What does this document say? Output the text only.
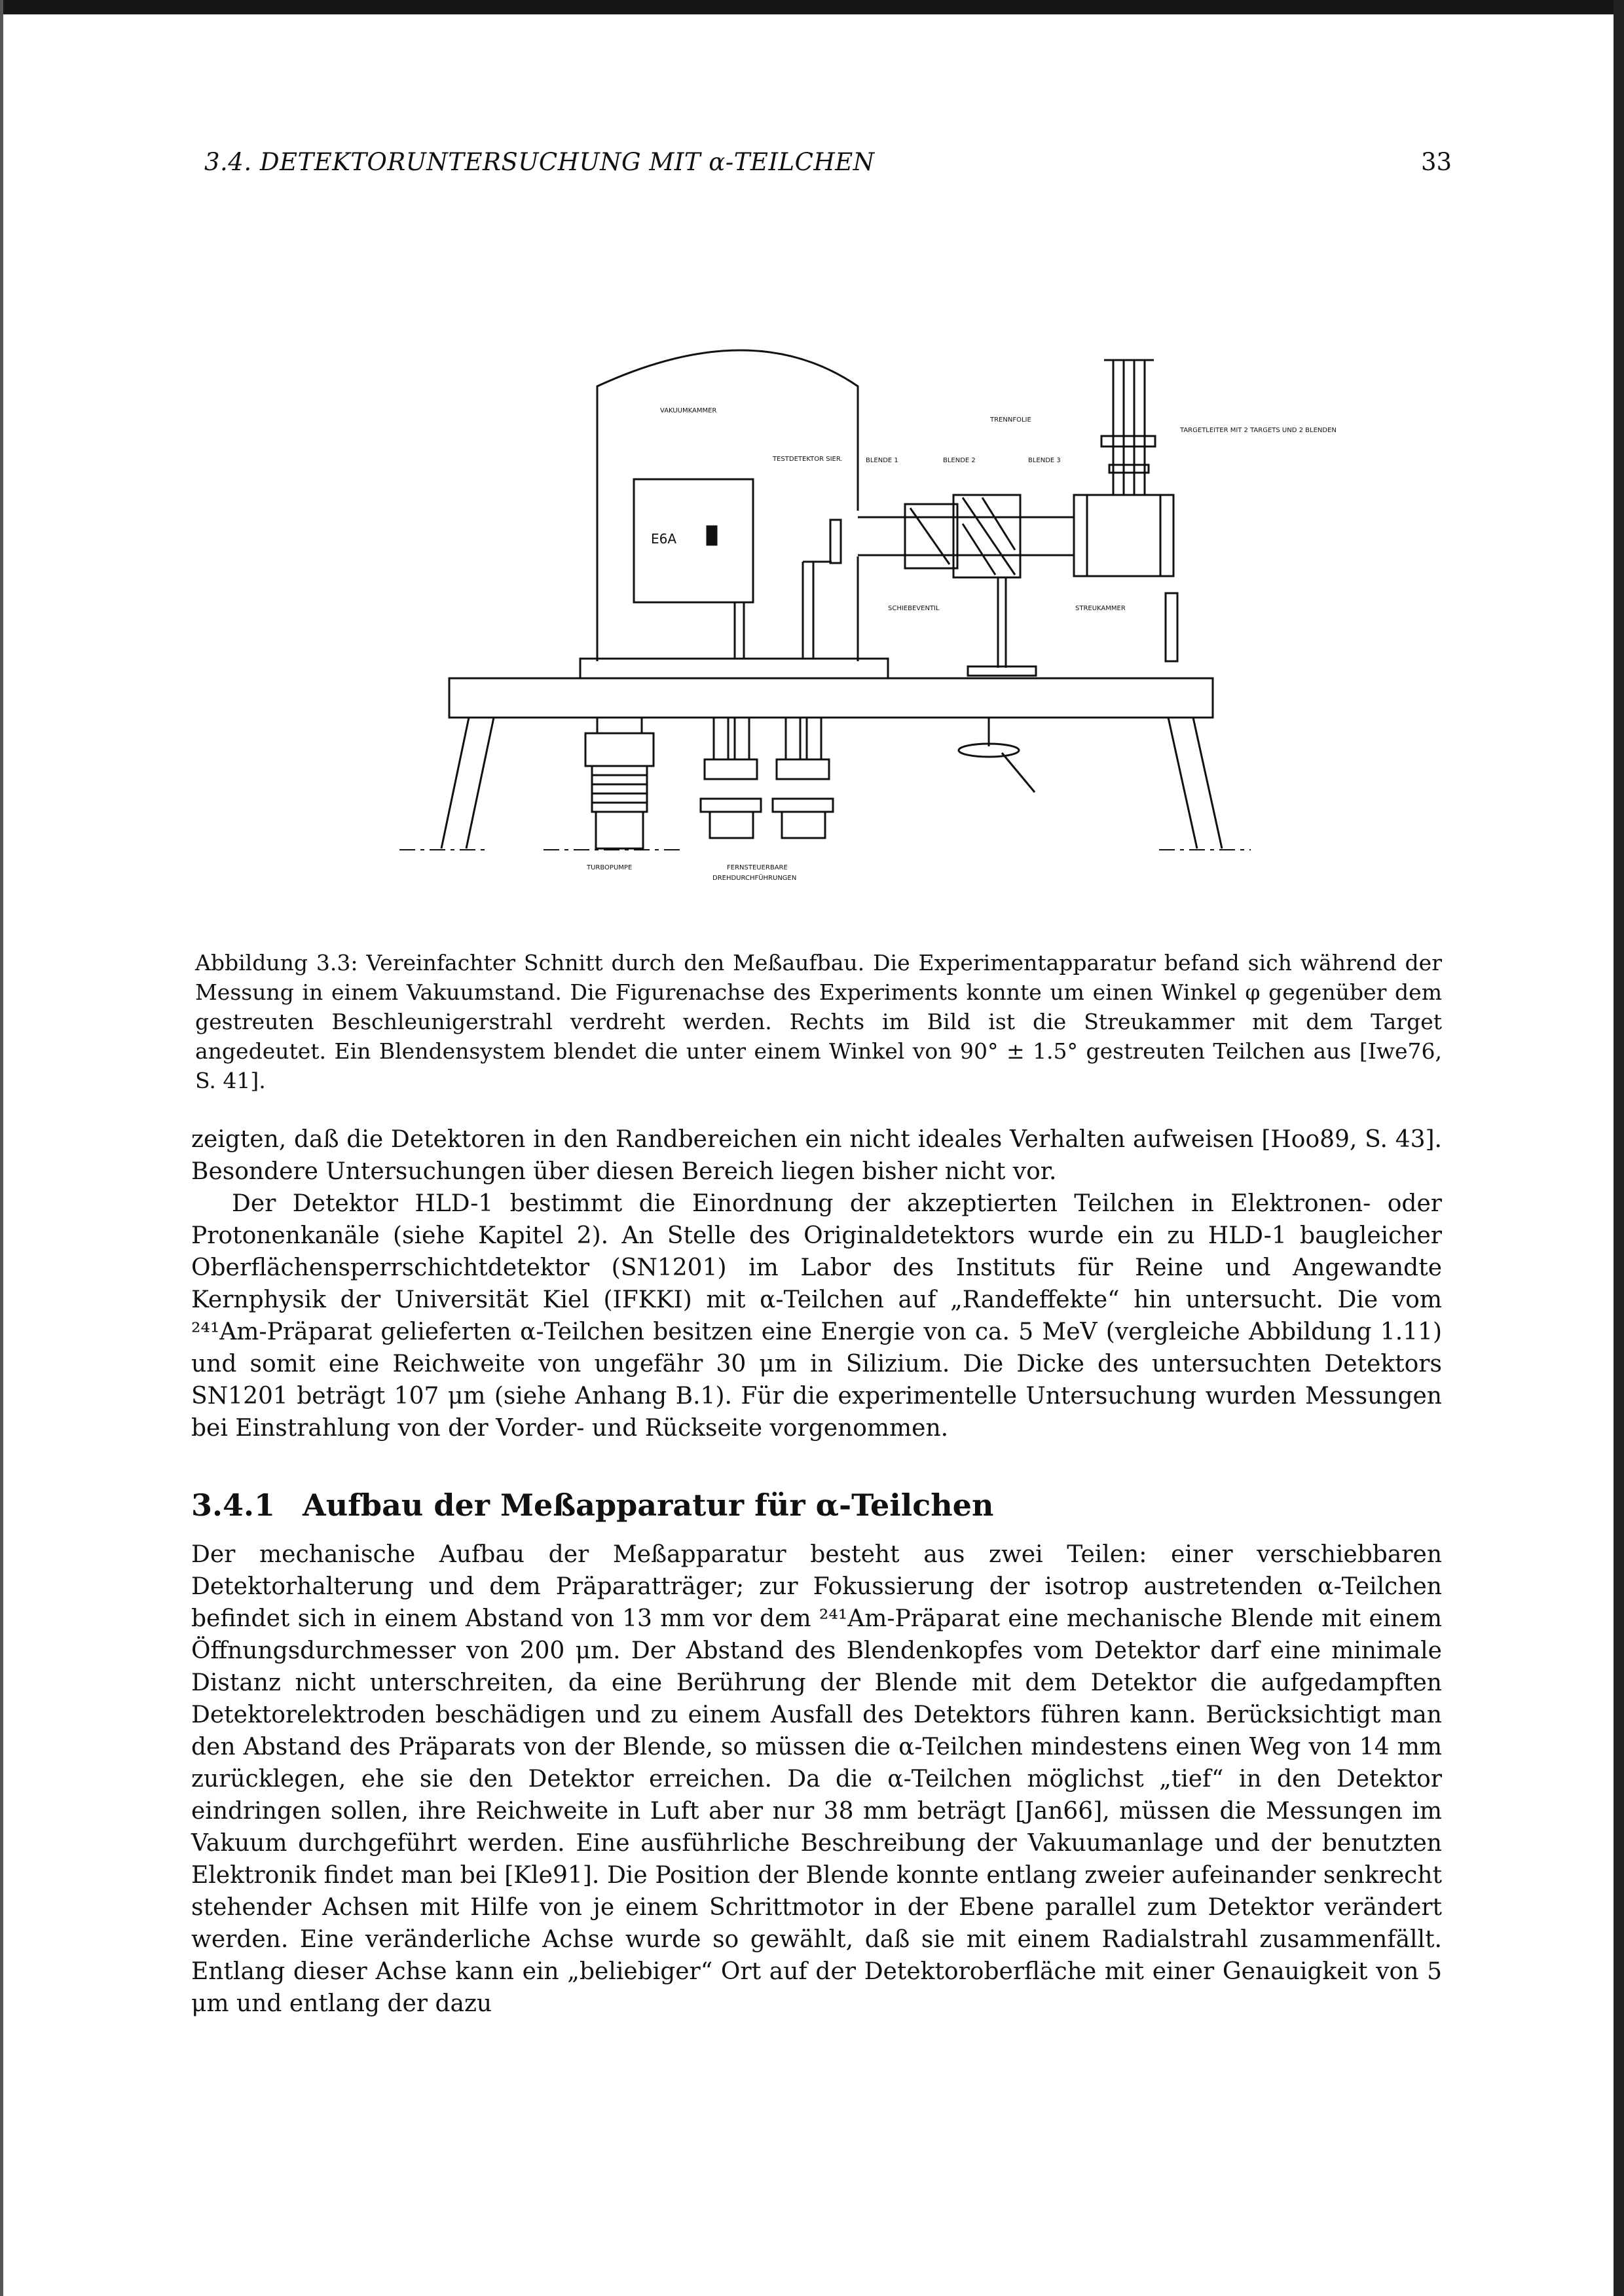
3.4. DETEKTORUNTERSUCHUNG MIT α-TEILCHEN	33
VAKUUMKAMMER
TESTDETEKTOR SIER.	BLENDE 1	BLENDE 2	BLENDE 3
TRENNFOLIE
TARGETLEITER MIT 2 TARGETS UND 2 BLENDEN
E6A
SCHIEBEVENTIL	STREUKAMMER
TURBOPUMPE	FERNSTEUERBARE
DREHDURCHFÜHRUNGEN
Abbildung 3.3: Vereinfachter Schnitt durch den Meßaufbau. Die Experimentapparatur befand sich während der Messung in einem Vakuumstand. Die Figurenachse des Experiments konnte um einen Winkel φ gegenüber dem gestreuten Beschleunigerstrahl verdreht werden. Rechts im Bild ist die Streukammer mit dem Target angedeutet. Ein Blendensystem blendet die unter einem Winkel von 90° ± 1.5° gestreuten Teilchen aus [Iwe76, S. 41].

zeigten, daß die Detektoren in den Randbereichen ein nicht ideales Verhalten aufweisen [Hoo89, S. 43]. Besondere Untersuchungen über diesen Bereich liegen bisher nicht vor.

Der Detektor HLD-1 bestimmt die Einordnung der akzeptierten Teilchen in Elektronen- oder Protonenkanäle (siehe Kapitel 2). An Stelle des Originaldetektors wurde ein zu HLD-1 baugleicher Oberflächensperrschichtdetektor (SN1201) im Labor des Instituts für Reine und Angewandte Kernphysik der Universität Kiel (IFKKI) mit α-Teilchen auf „Randeffekte“ hin untersucht. Die vom ²⁴¹Am-Präparat gelieferten α-Teilchen besitzen eine Energie von ca. 5 MeV (vergleiche Abbildung 1.11) und somit eine Reichweite von ungefähr 30 μm in Silizium. Die Dicke des untersuchten Detektors SN1201 beträgt 107 μm (siehe Anhang B.1). Für die experimentelle Untersuchung wurden Messungen bei Einstrahlung von der Vorder- und Rückseite vorgenommen.

3.4.1 Aufbau der Meßapparatur für α-Teilchen

Der mechanische Aufbau der Meßapparatur besteht aus zwei Teilen: einer verschiebbaren Detektorhalterung und dem Präparatträger; zur Fokussierung der isotrop austretenden α-Teilchen befindet sich in einem Abstand von 13 mm vor dem ²⁴¹Am-Präparat eine mechanische Blende mit einem Öffnungsdurchmesser von 200 μm. Der Abstand des Blendenkopfes vom Detektor darf eine minimale Distanz nicht unterschreiten, da eine Berührung der Blende mit dem Detektor die aufgedampften Detektorelektroden beschädigen und zu einem Ausfall des Detektors führen kann. Berücksichtigt man den Abstand des Präparats von der Blende, so müssen die α-Teilchen mindestens einen Weg von 14 mm zurücklegen, ehe sie den Detektor erreichen. Da die α-Teilchen möglichst „tief“ in den Detektor eindringen sollen, ihre Reichweite in Luft aber nur 38 mm beträgt [Jan66], müssen die Messungen im Vakuum durchgeführt werden. Eine ausführliche Beschreibung der Vakuumanlage und der benutzten Elektronik findet man bei [Kle91]. Die Position der Blende konnte entlang zweier aufeinander senkrecht stehender Achsen mit Hilfe von je einem Schrittmotor in der Ebene parallel zum Detektor verändert werden. Eine veränderliche Achse wurde so gewählt, daß sie mit einem Radialstrahl zusammenfällt. Entlang dieser Achse kann ein „beliebiger“ Ort auf der Detektoroberfläche mit einer Genauigkeit von 5 μm und entlang der dazu
